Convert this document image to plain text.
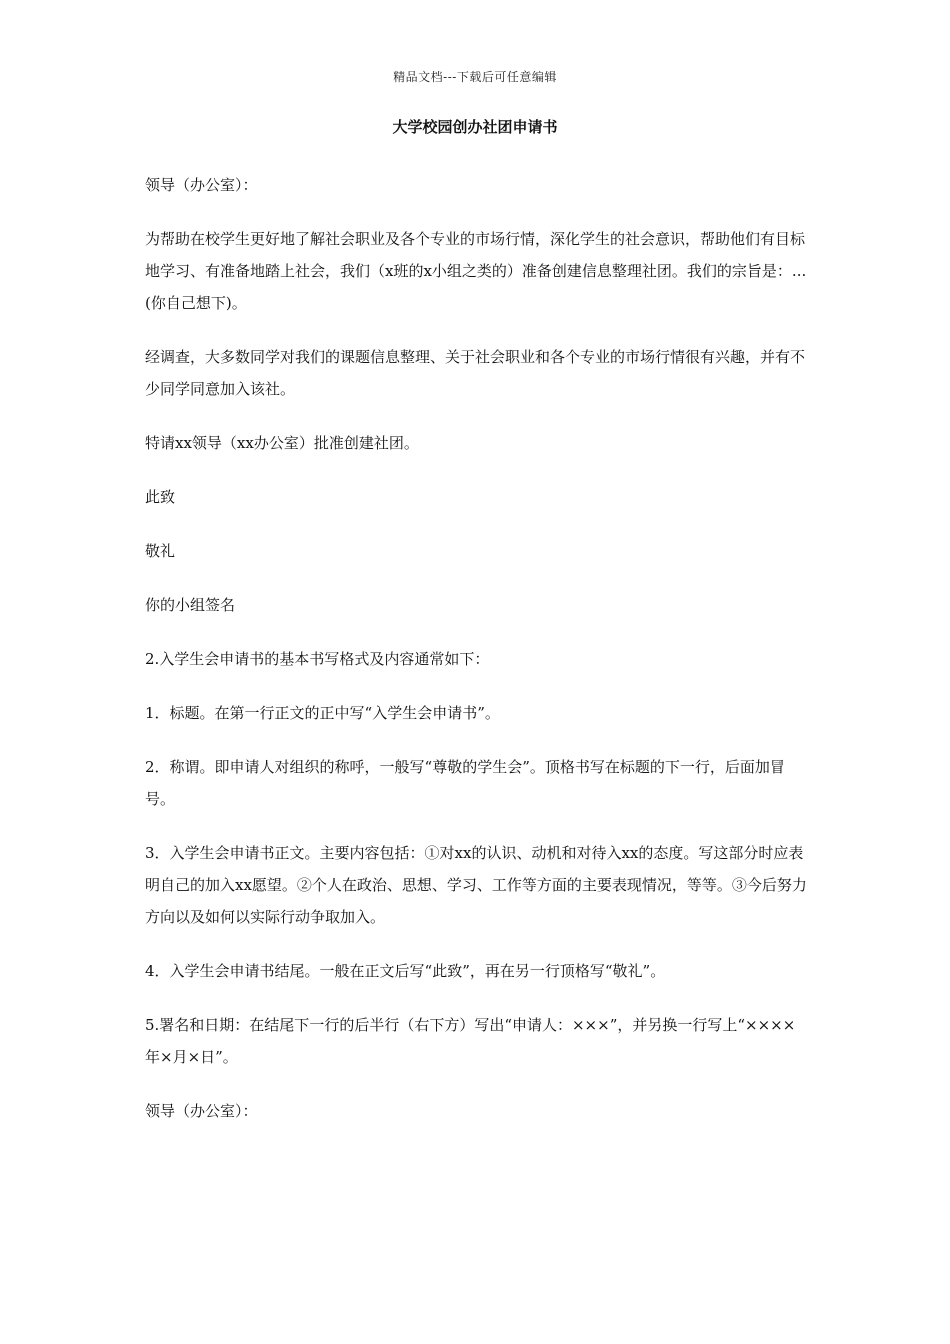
精品文档---下载后可任意编辑
大学校园创办社团申请书

领导（办公室）：

为帮助在校学生更好地了解社会职业及各个专业的市场行情，深化学生的社会意识，帮助他们有目标地学习、有准备地踏上社会，我们（x班的x小组之类的）准备创建信息整理社团。我们的宗旨是：...(你自己想下)。

经调查，大多数同学对我们的课题信息整理、关于社会职业和各个专业的市场行情很有兴趣，并有不少同学同意加入该社。

特请xx领导（xx办公室）批准创建社团。

此致

敬礼

你的小组签名

2.入学生会申请书的基本书写格式及内容通常如下：

1．标题。在第一行正文的正中写“入学生会申请书”。

2．称谓。即申请人对组织的称呼，一般写“尊敬的学生会”。顶格书写在标题的下一行，后面加冒号。

3．入学生会申请书正文。主要内容包括：①对xx的认识、动机和对待入xx的态度。写这部分时应表明自己的加入xx愿望。②个人在政治、思想、学习、工作等方面的主要表现情况，等等。③今后努力方向以及如何以实际行动争取加入。

4．入学生会申请书结尾。一般在正文后写“此致”，再在另一行顶格写“敬礼”。

5.署名和日期：在结尾下一行的后半行（右下方）写出“申请人：×××”，并另换一行写上“××××年×月×日”。

领导（办公室）：
